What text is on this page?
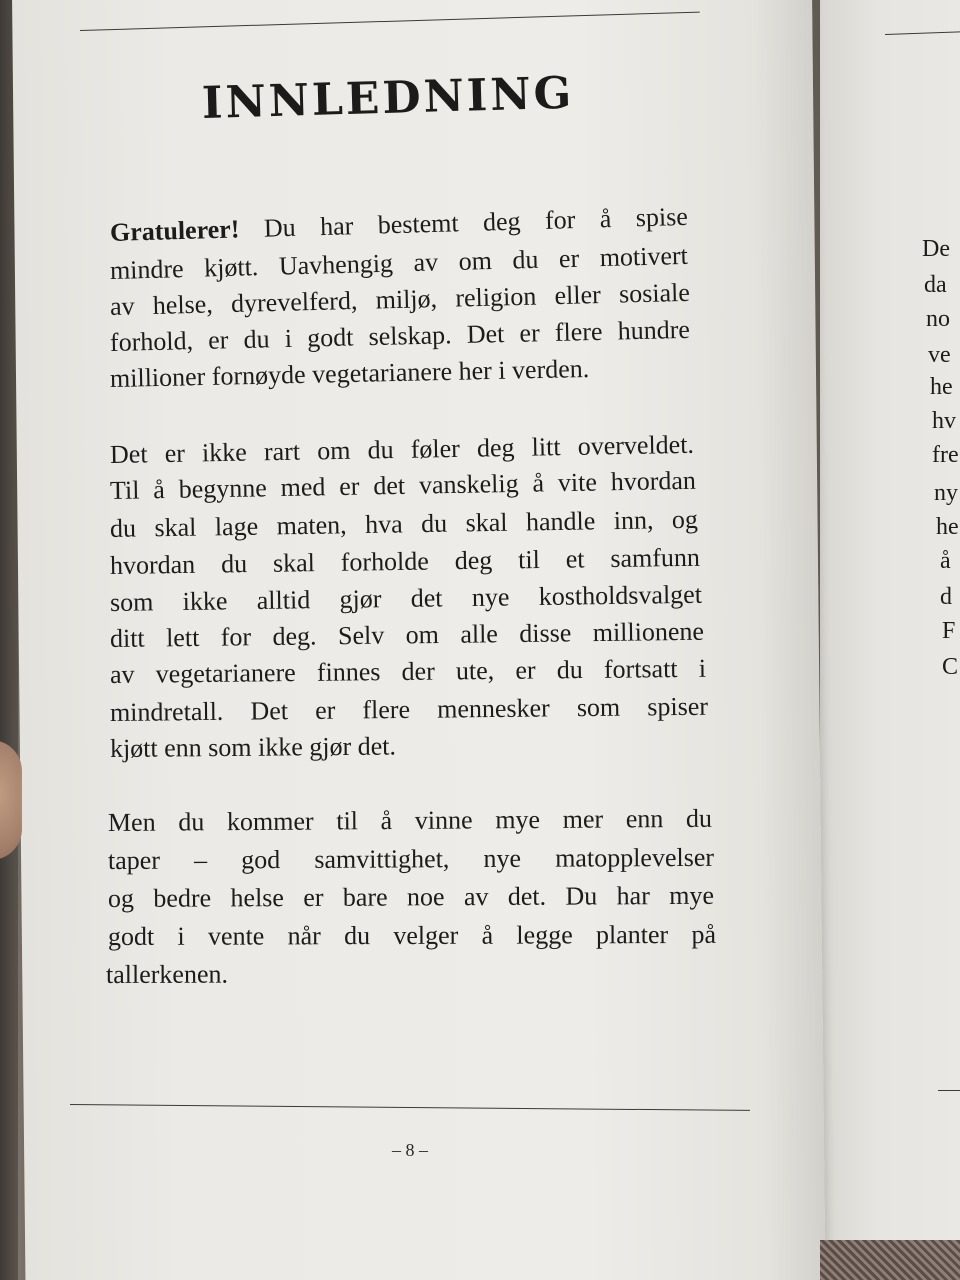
De
da
no
ve
he
hv
fre
ny
he
å
d
F
C
INNLEDNING
Gratulerer! Du har bestemt deg for å spise
mindre kjøtt. Uavhengig av om du er motivert
av helse, dyrevelferd, miljø, religion eller sosiale
forhold, er du i godt selskap. Det er flere hundre
millioner fornøyde vegetarianere her i verden.
Det er ikke rart om du føler deg litt overveldet.
Til å begynne med er det vanskelig å vite hvordan
du skal lage maten, hva du skal handle inn, og
hvordan du skal forholde deg til et samfunn
som ikke alltid gjør det nye kostholdsvalget
ditt lett for deg. Selv om alle disse millionene
av vegetarianere finnes der ute, er du fortsatt i
mindretall. Det er flere mennesker som spiser
kjøtt enn som ikke gjør det.
Men du kommer til å vinne mye mer enn du
taper – god samvittighet, nye matopplevelser
og bedre helse er bare noe av det. Du har mye
godt i vente når du velger å legge planter på
tallerkenen.
– 8 –
